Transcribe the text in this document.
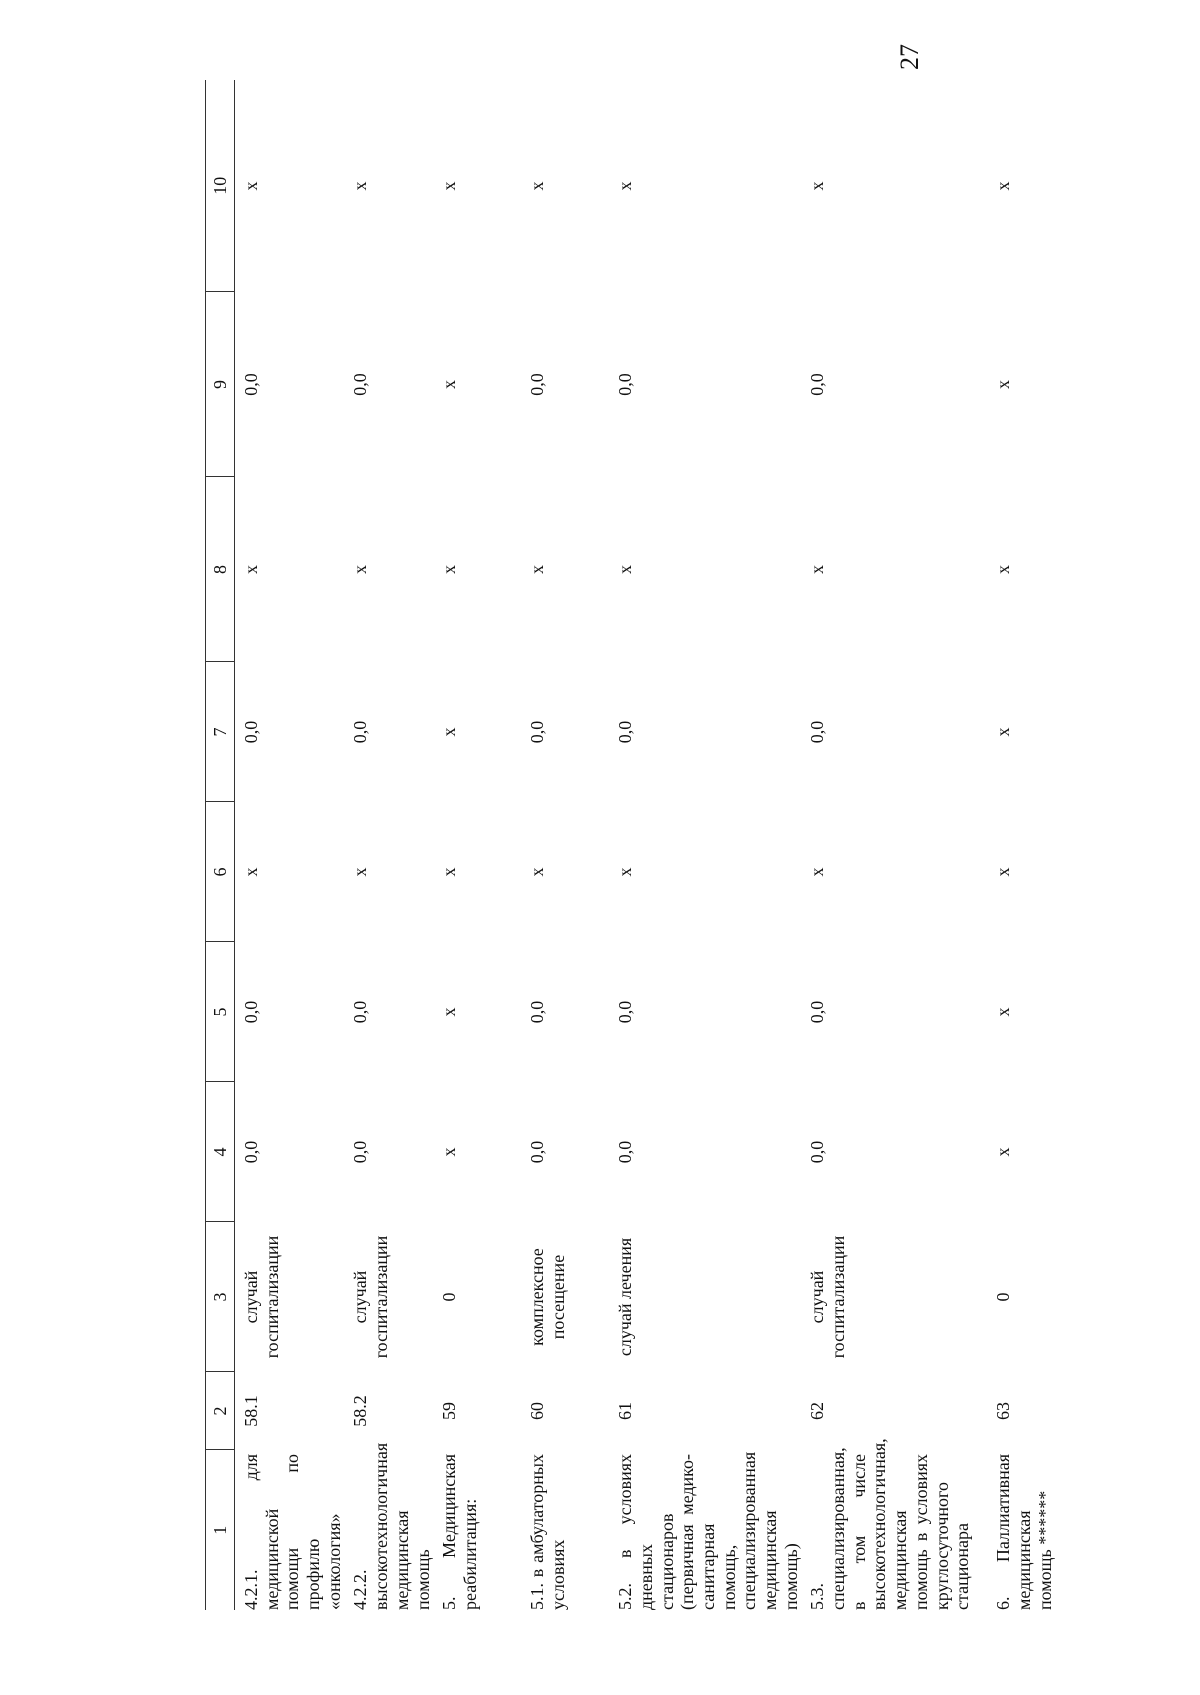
27
1	2	3	4	5	6	7	8	9	10
4.2.1. для медицинской помощи по профилю «онкология»	58.1	случай госпитализации	0,0	0,0	x	0,0	x	0,0	x
4.2.2. высокотехнологичная медицинская помощь	58.2	случай госпитализации	0,0	0,0	x	0,0	x	0,0	x
5. Медицинская реабилитация:	59	0	x	x	x	x	x	x	x
5.1. в амбулаторных условиях	60	комплексное посещение	0,0	0,0	x	0,0	x	0,0	x
5.2. в условиях дневных стационаров (первичная медико-санитарная помощь, специализированная медицинская помощь)	61	случай лечения	0,0	0,0	x	0,0	x	0,0	x
5.3. специализированная, в том числе высокотехнологичная, медицинская помощь в условиях круглосуточного стационара	62	случай госпитализации	0,0	0,0	x	0,0	x	0,0	x
6. Паллиативная медицинская помощь ******	63	0	x	x	x	x	x	x	x
